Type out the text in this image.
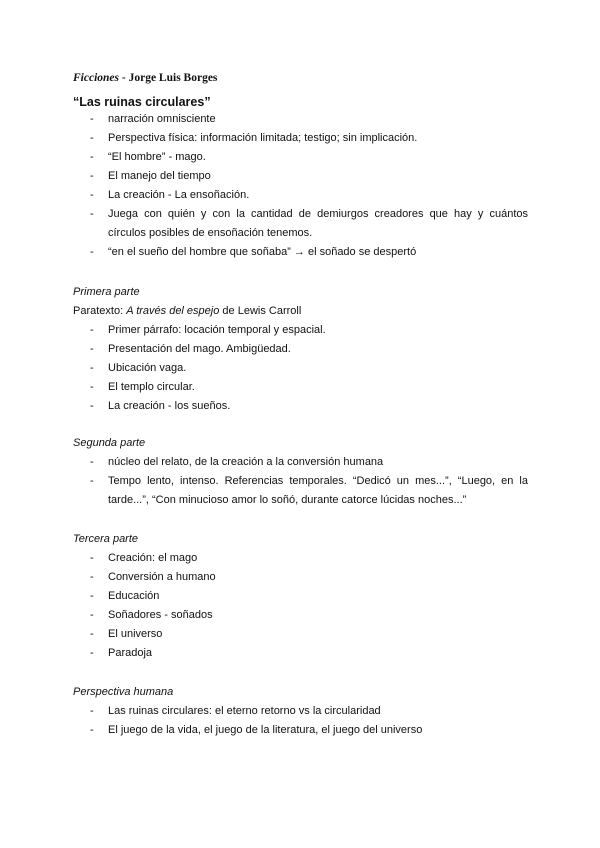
Ficciones - Jorge Luis Borges
“Las ruinas circulares”
- narración omnisciente
- Perspectiva física: información limitada; testigo; sin implicación.
- “El hombre” - mago.
- El manejo del tiempo
- La creación - La ensoñación.
- Juega con quién y con la cantidad de demiurgos creadores que hay y cuántos círculos posibles de ensoñación tenemos.
- “en el sueño del hombre que soñaba” → el soñado se despertó
Primera parte
Paratexto: A través del espejo de Lewis Carroll
- Primer párrafo: locación temporal y espacial.
- Presentación del mago. Ambigüedad.
- Ubicación vaga.
- El templo circular.
- La creación - los sueños.
Segunda parte
- núcleo del relato, de la creación a la conversión humana
- Tempo lento, intenso. Referencias temporales. “Dedicó un mes...”, “Luego, en la tarde...”, “Con minucioso amor lo soñó, durante catorce lúcidas noches...”
Tercera parte
- Creación: el mago
- Conversión a humano
- Educación
- Soñadores - soñados
- El universo
- Paradoja
Perspectiva humana
- Las ruinas circulares: el eterno retorno vs la circularidad
- El juego de la vida, el juego de la literatura, el juego del universo
